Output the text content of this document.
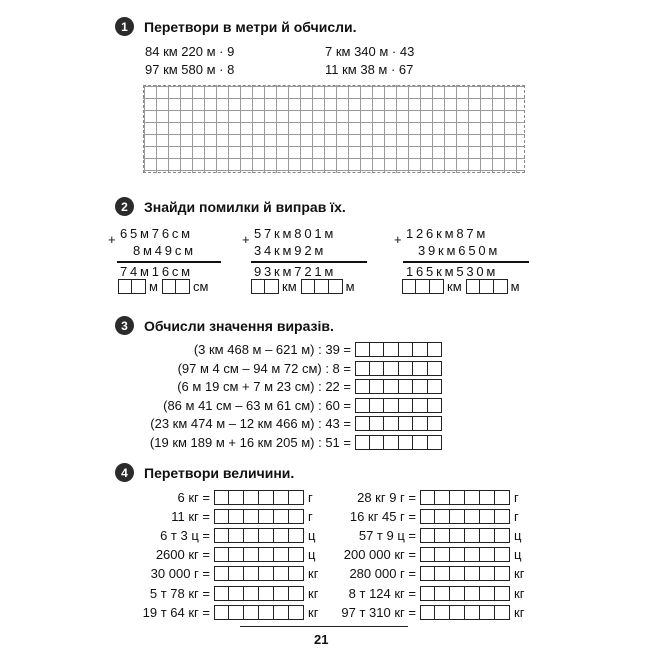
1	Перетвори в метри й обчисли.
84 км 220 м · 9	7 км 340 м · 43
97 км 580 м · 8	11 км 38 м · 67
2	Знайди помилки й виправ їх.
+ 65м76см
8м49см
74м16см
м	см
+ 57км801м
34км92м
93км721м
км	м
+ 126км87м
39км650м
165км530м
км	м
3	Обчисли значення виразів.
(3 км 468 м – 621 м) : 39 =
(97 м 4 см – 94 м 72 см) : 8 =
(6 м 19 см + 7 м 23 см) : 22 =
(86 м 41 см – 63 м 61 см) : 60 =
(23 км 474 м – 12 км 466 м) : 43 =
(19 км 189 м + 16 км 205 м) : 51 =
4	Перетвори величини.
6 кг =	г
11 кг =	г
6 т 3 ц =	ц
2600 кг =	ц
30 000 г =	кг
5 т 78 кг =	кг
19 т 64 кг =	кг
28 кг 9 г =	г
16 кг 45 г =	г
57 т 9 ц =	ц
200 000 кг =	ц
280 000 г =	кг
8 т 124 кг =	кг
97 т 310 кг =	кг
21
